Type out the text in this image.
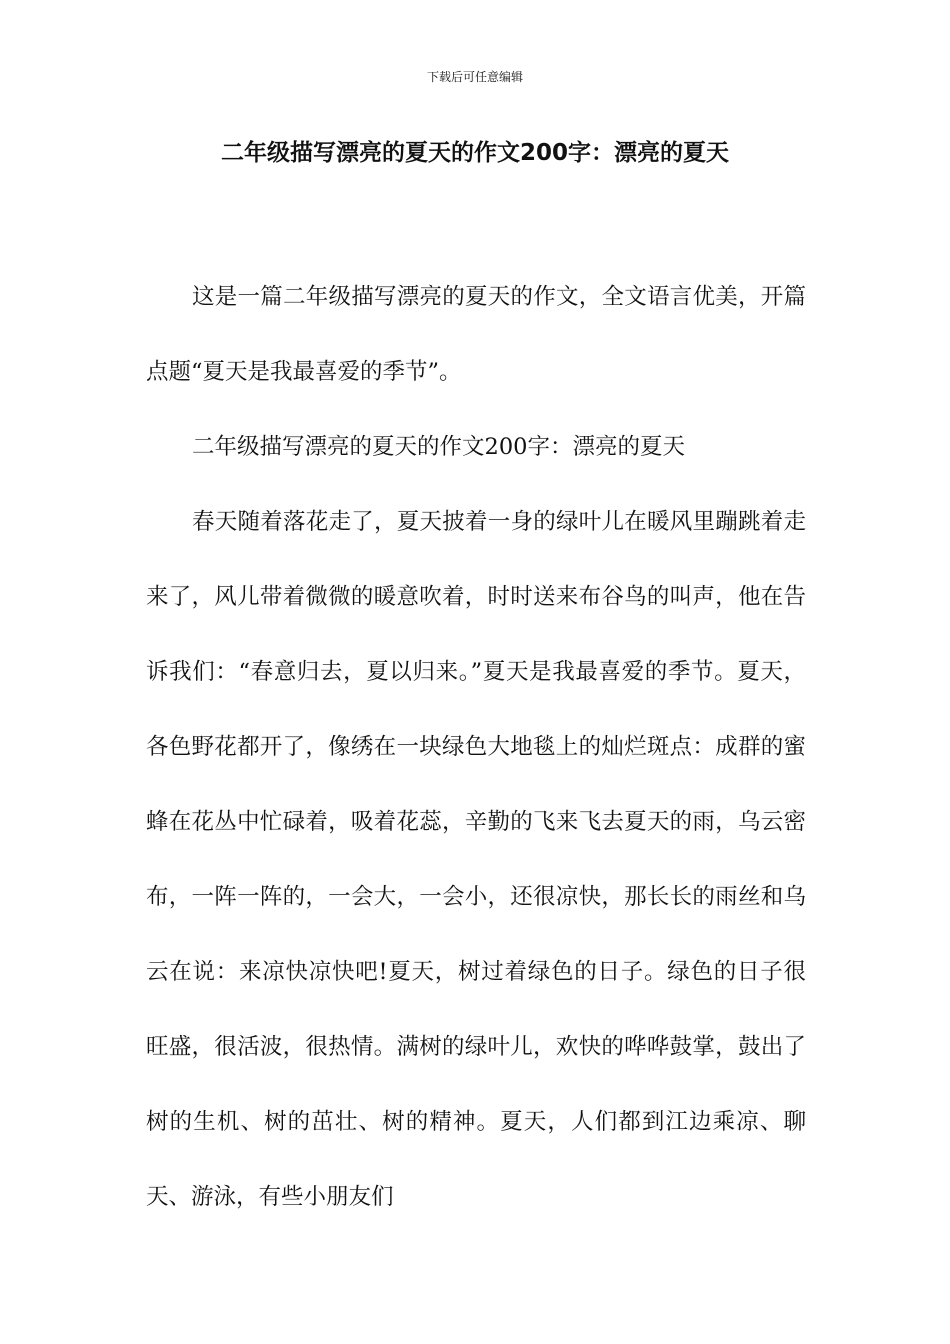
下载后可任意编辑
二年级描写漂亮的夏天的作文200字：漂亮的夏天

这是一篇二年级描写漂亮的夏天的作文，全文语言优美，开篇点题“夏天是我最喜爱的季节”。

二年级描写漂亮的夏天的作文200字：漂亮的夏天

春天随着落花走了，夏天披着一身的绿叶儿在暖风里蹦跳着走来了，风儿带着微微的暖意吹着，时时送来布谷鸟的叫声，他在告诉我们：“春意归去，夏以归来。”夏天是我最喜爱的季节。夏天，各色野花都开了，像绣在一块绿色大地毯上的灿烂斑点：成群的蜜蜂在花丛中忙碌着，吸着花蕊，辛勤的飞来飞去夏天的雨，乌云密布，一阵一阵的，一会大，一会小，还很凉快，那长长的雨丝和乌云在说：来凉快凉快吧!夏天，树过着绿色的日子。绿色的日子很旺盛，很活波，很热情。满树的绿叶儿，欢快的哗哗鼓掌，鼓出了树的生机、树的茁壮、树的精神。夏天，人们都到江边乘凉、聊天、游泳，有些小朋友们
